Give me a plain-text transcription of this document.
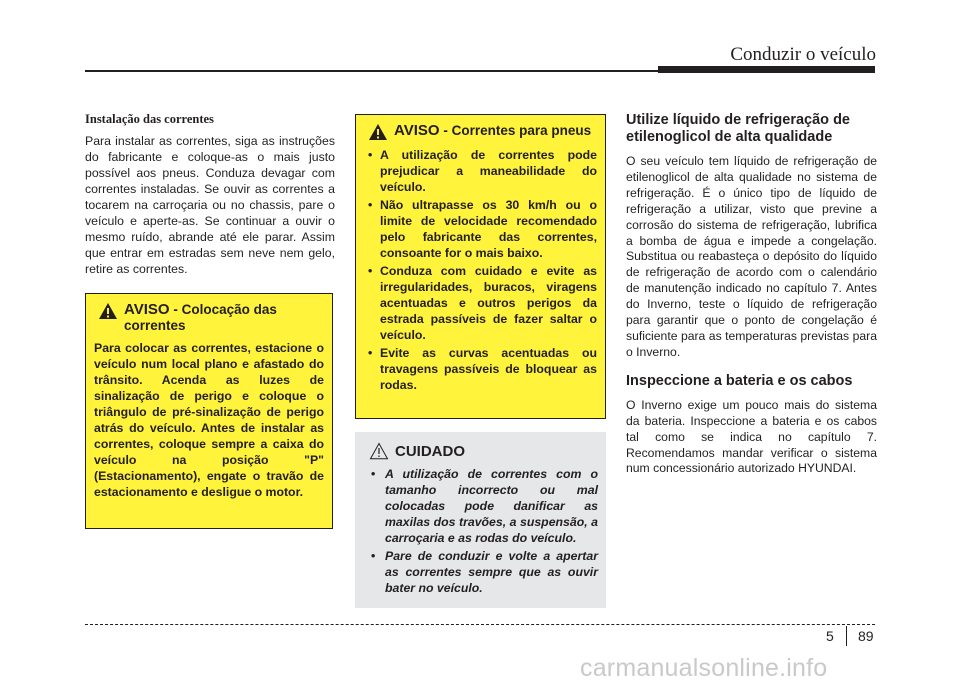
Conduzir o veículo
Instalação das correntes

Para instalar as correntes, siga as instruções do fabricante e coloque-as o mais justo possível aos pneus. Conduza devagar com correntes instaladas. Se ouvir as correntes a tocarem na carroçaria ou no chassis, pare o veículo e aperte-as. Se continuar a ouvir o mesmo ruído, abrande até ele parar. Assim que entrar em estradas sem neve nem gelo, retire as correntes.

AVISO - Colocação das correntes
Para colocar as correntes, estacione o veículo num local plano e afastado do trânsito. Acenda as luzes de sinalização de perigo e coloque o triângulo de pré-sinalização de perigo atrás do veículo. Antes de instalar as correntes, coloque sempre a caixa do veículo na posição "P" (Estacionamento), engate o travão de estacionamento e desligue o motor.
AVISO - Correntes para pneus
• A utilização de correntes pode prejudicar a maneabilidade do veículo.
• Não ultrapasse os 30 km/h ou o limite de velocidade recomendado pelo fabricante das correntes, consoante for o mais baixo.
• Conduza com cuidado e evite as irregularidades, buracos, viragens acentuadas e outros perigos da estrada passíveis de fazer saltar o veículo.
• Evite as curvas acentuadas ou travagens passíveis de bloquear as rodas.
CUIDADO
• A utilização de correntes com o tamanho incorrecto ou mal colocadas pode danificar as maxilas dos travões, a suspensão, a carroçaria e as rodas do veículo.
• Pare de conduzir e volte a apertar as correntes sempre que as ouvir bater no veículo.
Utilize líquido de refrigeração de etilenoglicol de alta qualidade

O seu veículo tem líquido de refrigeração de etilenoglicol de alta qualidade no sistema de refrigeração. É o único tipo de líquido de refrigeração a utilizar, visto que previne a corrosão do sistema de refrigeração, lubrifica a bomba de água e impede a congelação. Substitua ou reabasteça o depósito do líquido de refrigeração de acordo com o calendário de manutenção indicado no capítulo 7. Antes do Inverno, teste o líquido de refrigeração para garantir que o ponto de congelação é suficiente para as temperaturas previstas para o Inverno.

Inspeccione a bateria e os cabos

O Inverno exige um pouco mais do sistema da bateria. Inspeccione a bateria e os cabos tal como se indica no capítulo 7. Recomendamos mandar verificar o sistema num concessionário autorizado HYUNDAI.

5 89
carmanualsonline.info
